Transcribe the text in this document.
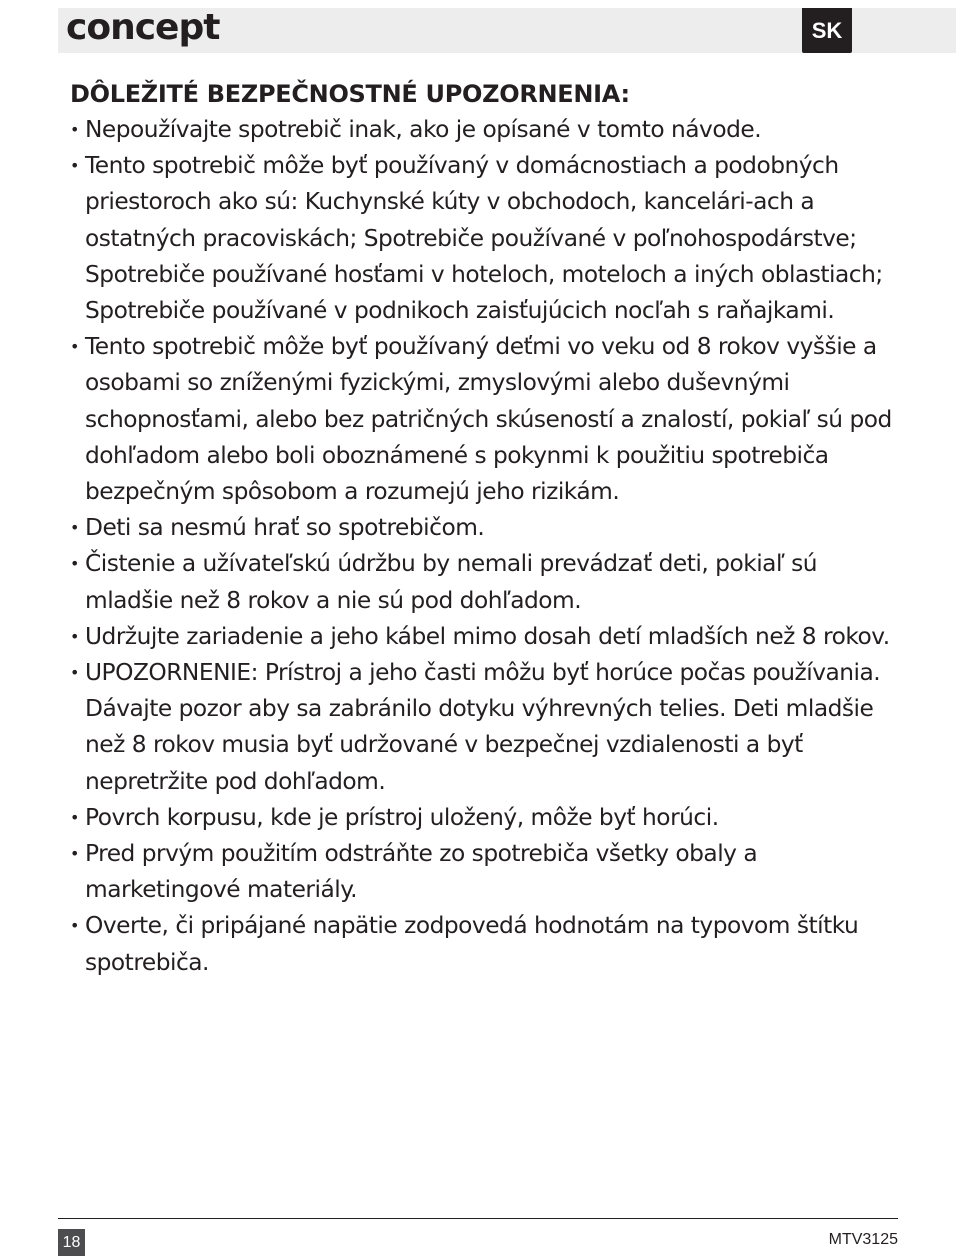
concept	SK
DÔLEŽITÉ BEZPEČNOSTNÉ UPOZORNENIA:
• Nepoužívajte spotrebič inak, ako je opísané v tomto návode.
• Tento spotrebič môže byť používaný v domácnostiach a podobných priestoroch ako sú: Kuchynské kúty v obchodoch, kancelári-ach a ostatných pracoviskách; Spotrebiče používané v poľnohospodárstve; Spotrebiče používané hosťami v hoteloch, moteloch a iných oblastiach; Spotrebiče používané v podnikoch zaisťujúcich nocľah s raňajkami.
• Tento spotrebič môže byť používaný deťmi vo veku od 8 rokov vyššie a osobami so zníženými fyzickými, zmyslovými alebo duševnými schopnosťami, alebo bez patričných skúseností a znalostí, pokiaľ sú pod dohľadom alebo boli oboznámené s pokynmi k použitiu spotrebiča bezpečným spôsobom a rozumejú jeho rizikám.
• Deti sa nesmú hrať so spotrebičom.
• Čistenie a užívateľskú údržbu by nemali prevádzať deti, pokiaľ sú mladšie než 8 rokov a nie sú pod dohľadom.
• Udržujte zariadenie a jeho kábel mimo dosah detí mladších než 8 rokov.
• UPOZORNENIE: Prístroj a jeho časti môžu byť horúce počas používania. Dávajte pozor aby sa zabránilo dotyku výhrevných telies. Deti mladšie než 8 rokov musia byť udržované v bezpečnej vzdialenosti a byť nepretržite pod dohľadom.
• Povrch korpusu, kde je prístroj uložený, môže byť horúci.
• Pred prvým použitím odstráňte zo spotrebiča všetky obaly a marketingové materiály.
• Overte, či pripájané napätie zodpovedá hodnotám na typovom štítku spotrebiča.
18	MTV3125
